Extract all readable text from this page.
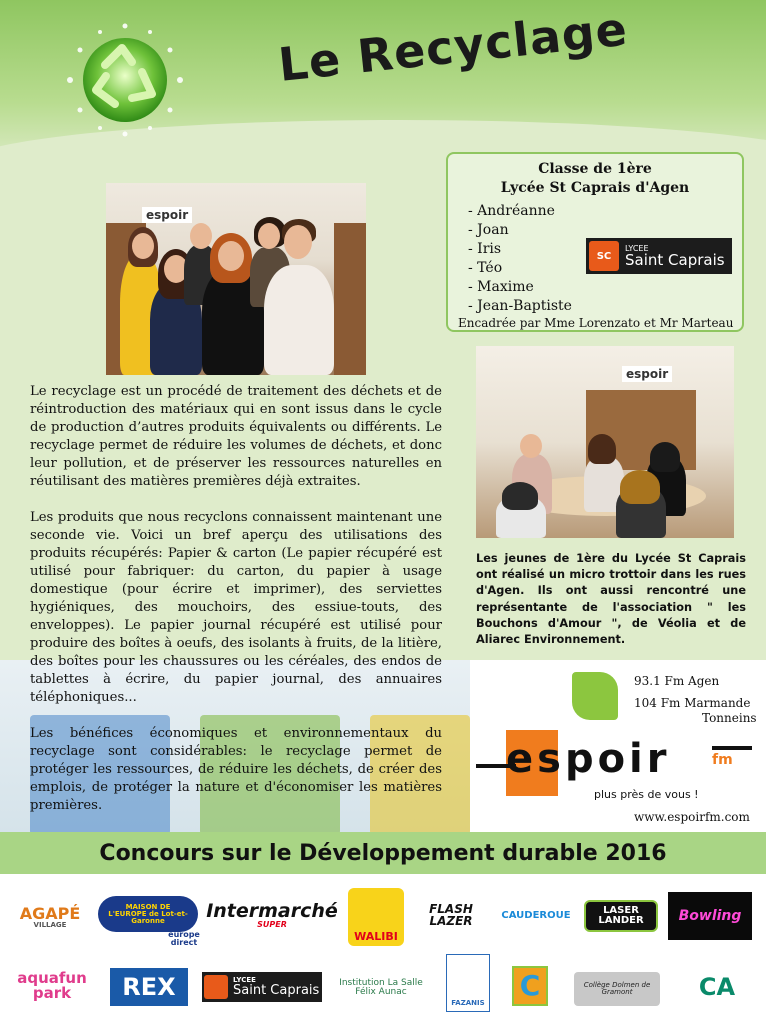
Le Recyclage
espoir
Classe de 1ère
Lycée St Caprais d'Agen
- Andréanne
- Joan
- Iris
- Téo
- Maxime
- Jean-Baptiste
Encadrée par Mme Lorenzato et Mr Marteau
SC
LYCEE
Saint Caprais
espoir

Le recyclage est un procédé de traitement des déchets et de réintroduction des matériaux qui en sont issus dans le cycle de production d’autres produits équivalents ou différents. Le recyclage permet de réduire les volumes de déchets, et donc leur pollution, et de préserver les ressources naturelles en réutilisant des matières premières déjà extraites.

Les produits que nous recyclons connaissent maintenant une seconde vie. Voici un bref aperçu des utilisations des produits récupérés: Papier & carton (Le papier récupéré est utilisé pour fabriquer: du carton, du papier à usage domestique (pour écrire et imprimer), des serviettes hygiéniques, des mouchoirs, des essiue-touts, des enveloppes). Le papier journal récupéré est utilisé pour produire des boîtes à oeufs, des isolants à fruits, de la litière, des boîtes pour les chaussures ou les céréales, des endos de tablettes à écrire, du papier journal, des annuaires téléphoniques...

Les bénéfices économiques et environnementaux du recyclage sont considérables: le recyclage permet de protéger les ressources, de réduire les déchets, de créer des emplois, de protéger la nature et d'économiser les matières premières.

Les jeunes de 1ère du Lycée St Caprais ont réalisé un micro trottoir dans les rues d'Agen. Ils ont aussi rencontré une représentante de l'association " les Bouchons d'Amour ", de Véolia et de Aliarec Environnement.
93.1 Fm Agen
104 Fm Marmande
Tonneins
espoir	fm
plus près de vous !
www.espoirfm.com
Concours sur le Développement durable 2016
AGAPÉ
VILLAGE
MAISON DE L'EUROPE de Lot-et-Garonne
europe direct
Intermarché
SUPER
WALIBI
FLASH LAZER	CAUDEROUE	LASER LANDER	Bowling
aquafun park	REX	LYCEE
Saint Caprais	Institution La Salle Félix Aunac
FAZANIS
C	Collège Dolmen de Gramont	CA
